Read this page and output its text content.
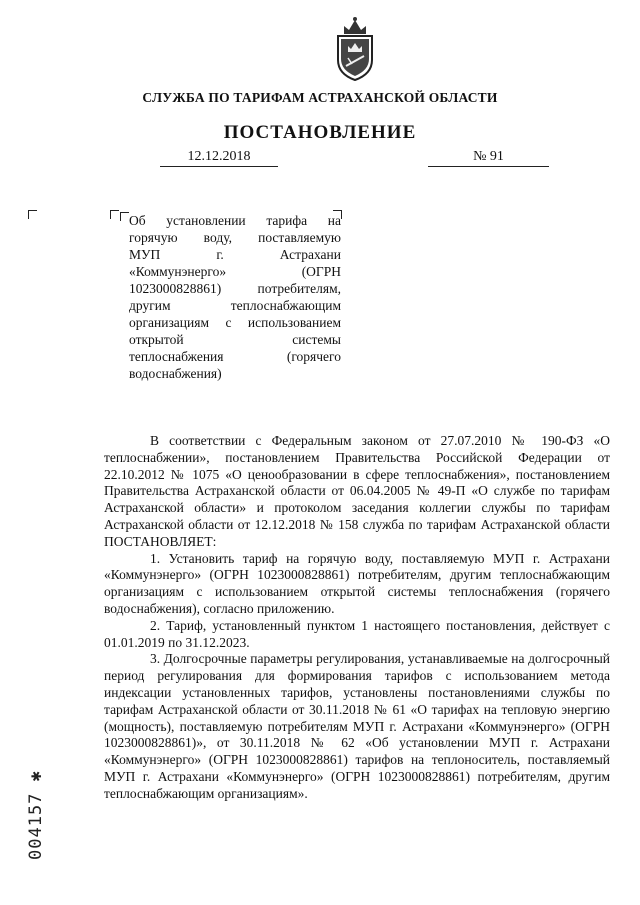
СЛУЖБА ПО ТАРИФАМ АСТРАХАНСКОЙ ОБЛАСТИ
ПОСТАНОВЛЕНИЕ
12.12.2018	№ 91
Об установлении тарифа на
горячую воду, поставляемую
МУП г. Астрахани
«Коммунэнерго» (ОГРН
1023000828861) потребителям,
другим теплоснабжающим
организациям с использованием
открытой системы
теплоснабжения (горячего
водоснабжения)

В соответствии с Федеральным законом от 27.07.2010 № 190-ФЗ «О теплоснабжении», постановлением Правительства Российской Федерации от 22.10.2012 № 1075 «О ценообразовании в сфере теплоснабжения», постановлением Правительства Астраханской области от 06.04.2005 № 49-П «О службе по тарифам Астраханской области» и протоколом заседания коллегии службы по тарифам Астраханской области от 12.12.2018 № 158 служба по тарифам Астраханской области ПОСТАНОВЛЯЕТ:

1. Установить тариф на горячую воду, поставляемую МУП г. Астрахани «Коммунэнерго» (ОГРН 1023000828861) потребителям, другим теплоснабжающим организациям с использованием открытой системы теплоснабжения (горячего водоснабжения), согласно приложению.

2. Тариф, установленный пунктом 1 настоящего постановления, действует с 01.01.2019 по 31.12.2023.

3. Долгосрочные параметры регулирования, устанавливаемые на долгосрочный период регулирования для формирования тарифов с использованием метода индексации установленных тарифов, установлены постановлениями службы по тарифам Астраханской области от 30.11.2018 № 61 «О тарифах на тепловую энергию (мощность), поставляемую потребителям МУП г. Астрахани «Коммунэнерго» (ОГРН 1023000828861)», от 30.11.2018 № 62 «Об установлении МУП г. Астрахани «Коммунэнерго» (ОГРН 1023000828861) тарифов на теплоноситель, поставляемый МУП г. Астрахани «Коммунэнерго» (ОГРН 1023000828861) потребителям, другим теплоснабжающим организациям».

004157 ✱
